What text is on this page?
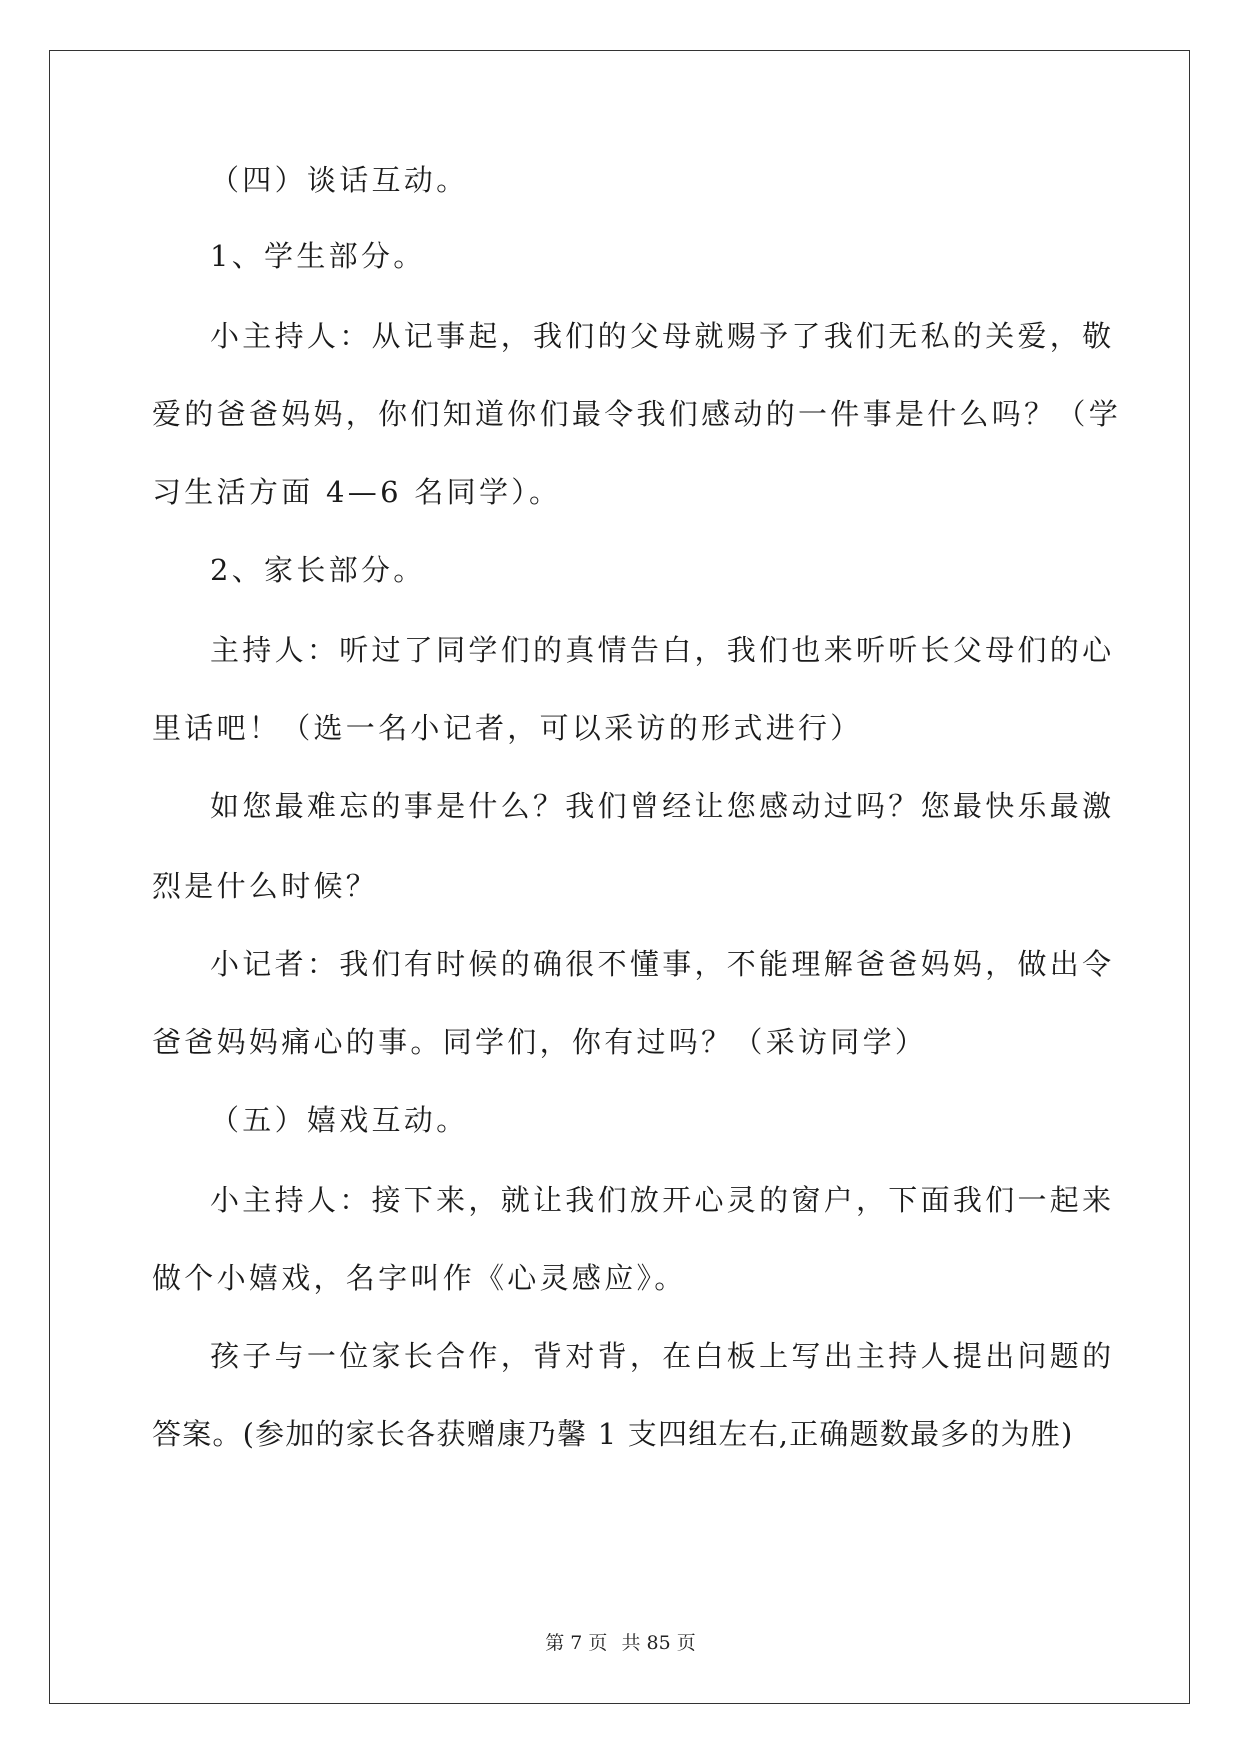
（四）谈话互动。

1、学生部分。

小主持人：从记事起，我们的父母就赐予了我们无私的关爱，敬

爱的爸爸妈妈，你们知道你们最令我们感动的一件事是什么吗？（学

习生活方面 4—6 名同学）。

2、家长部分。

主持人：听过了同学们的真情告白，我们也来听听长父母们的心

里话吧！（选一名小记者，可以采访的形式进行）

如您最难忘的事是什么？我们曾经让您感动过吗？您最快乐最激

烈是什么时候？

小记者：我们有时候的确很不懂事，不能理解爸爸妈妈，做出令

爸爸妈妈痛心的事。同学们，你有过吗？（采访同学）

（五）嬉戏互动。

小主持人：接下来，就让我们放开心灵的窗户，下面我们一起来

做个小嬉戏，名字叫作《心灵感应》。

孩子与一位家长合作，背对背，在白板上写出主持人提出问题的

答案。(参加的家长各获赠康乃馨 1 支四组左右,正确题数最多的为胜)

第 7 页 共 85 页
